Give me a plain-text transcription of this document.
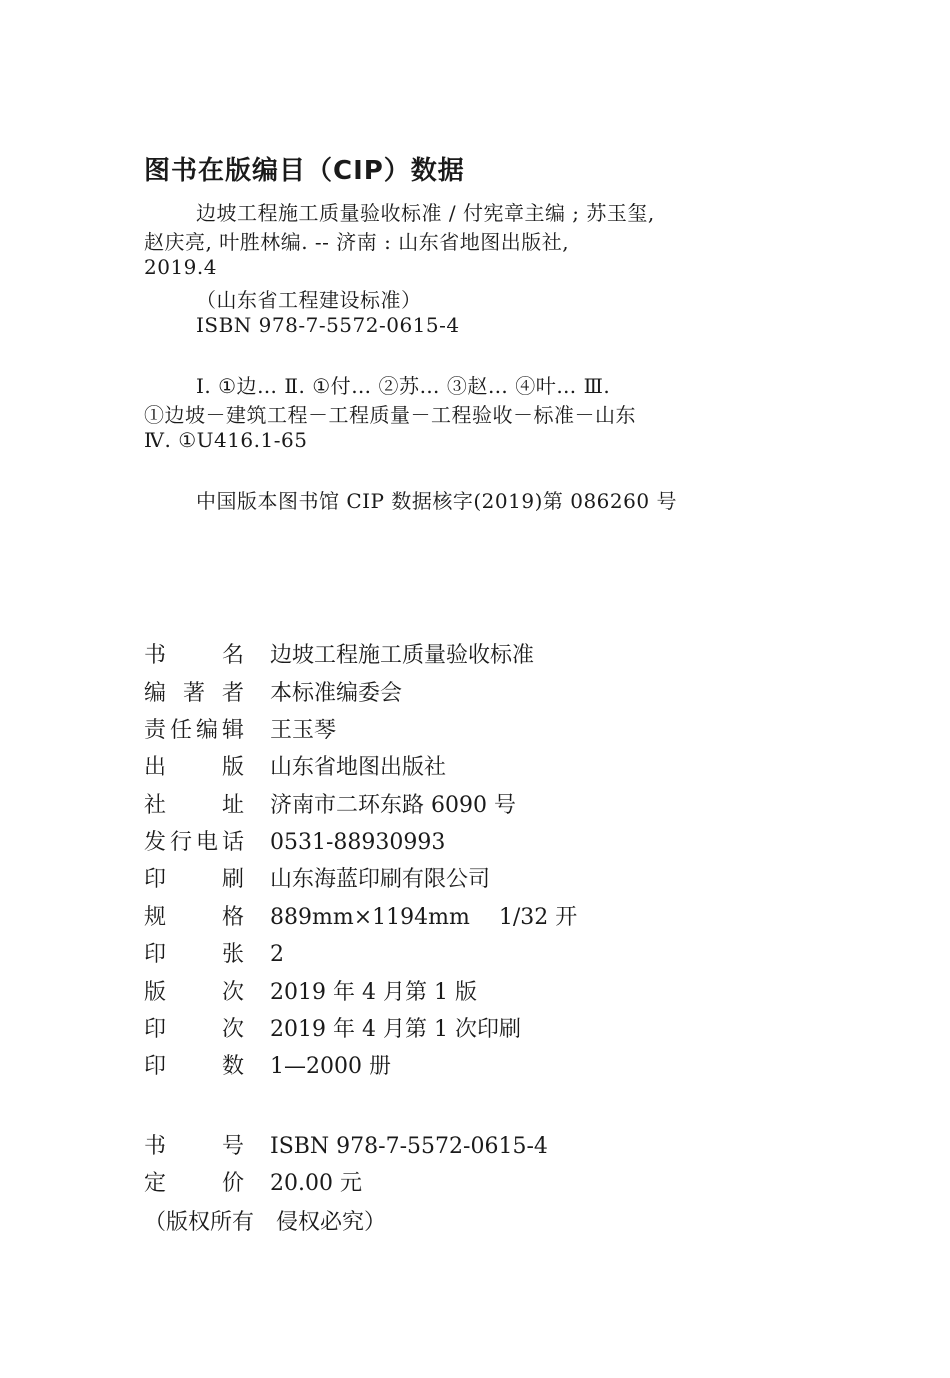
图书在版编目（CIP）数据
边坡工程施工质量验收标准 / 付宪章主编 ; 苏玉玺,
赵庆亮, 叶胜林编. -- 济南 : 山东省地图出版社,
2019.4
（山东省工程建设标准）
ISBN 978-7-5572-0615-4
Ⅰ. ①边… Ⅱ. ①付… ②苏… ③赵… ④叶… Ⅲ.
①边坡－建筑工程－工程质量－工程验收－标准－山东
Ⅳ. ①U416.1-65
中国版本图书馆 CIP 数据核字(2019)第 086260 号
书	名 边坡工程施工质量验收标准
编 著 者 本标准编委会
责 任 编 辑 王玉琴
出	版 山东省地图出版社
社	址 济南市二环东路 6090 号
发 行 电 话 0531-88930993
印	刷 山东海蓝印刷有限公司
规	格 889mm×1194mm　 1/32 开
印	张 2
版	次 2019 年 4 月第 1 版
印	次 2019 年 4 月第 1 次印刷
印	数 1—2000 册
书	号 ISBN 978-7-5572-0615-4
定	价 20.00 元
（版权所有　侵权必究）
